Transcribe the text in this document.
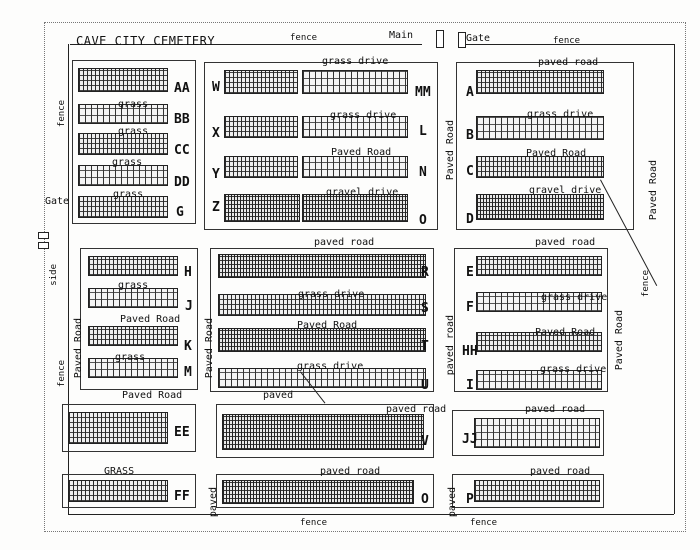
CAVE CITY CEMETERY
grass drive	paved road
grass drive	grass drive
Paved Road	Paved Road
gravel drive	gravel drive
paved road	paved road
Paved Road
paved road
Paved Road	Paved Road	Paved Road
Paved Road
grass
grass
grass
grass
grass
Paved Road
grass
Paved Road
grass drive
Paved Road
grass drive
paved
paved road
grass drive
Paved Road
grass drive
paved road
paved road	paved road
GRASS
paved
paved
fence	fence
fence
fence
side	fence
fence	fence
Main	Gate
Gate
AA
BB
CC
DD
G
H
J
K
M
EE
FF
W
X
Y
Z
MM
L
N
O
R
S
T
U
V
O
A
B
C
D
E
F
HH
I
JJ
P
